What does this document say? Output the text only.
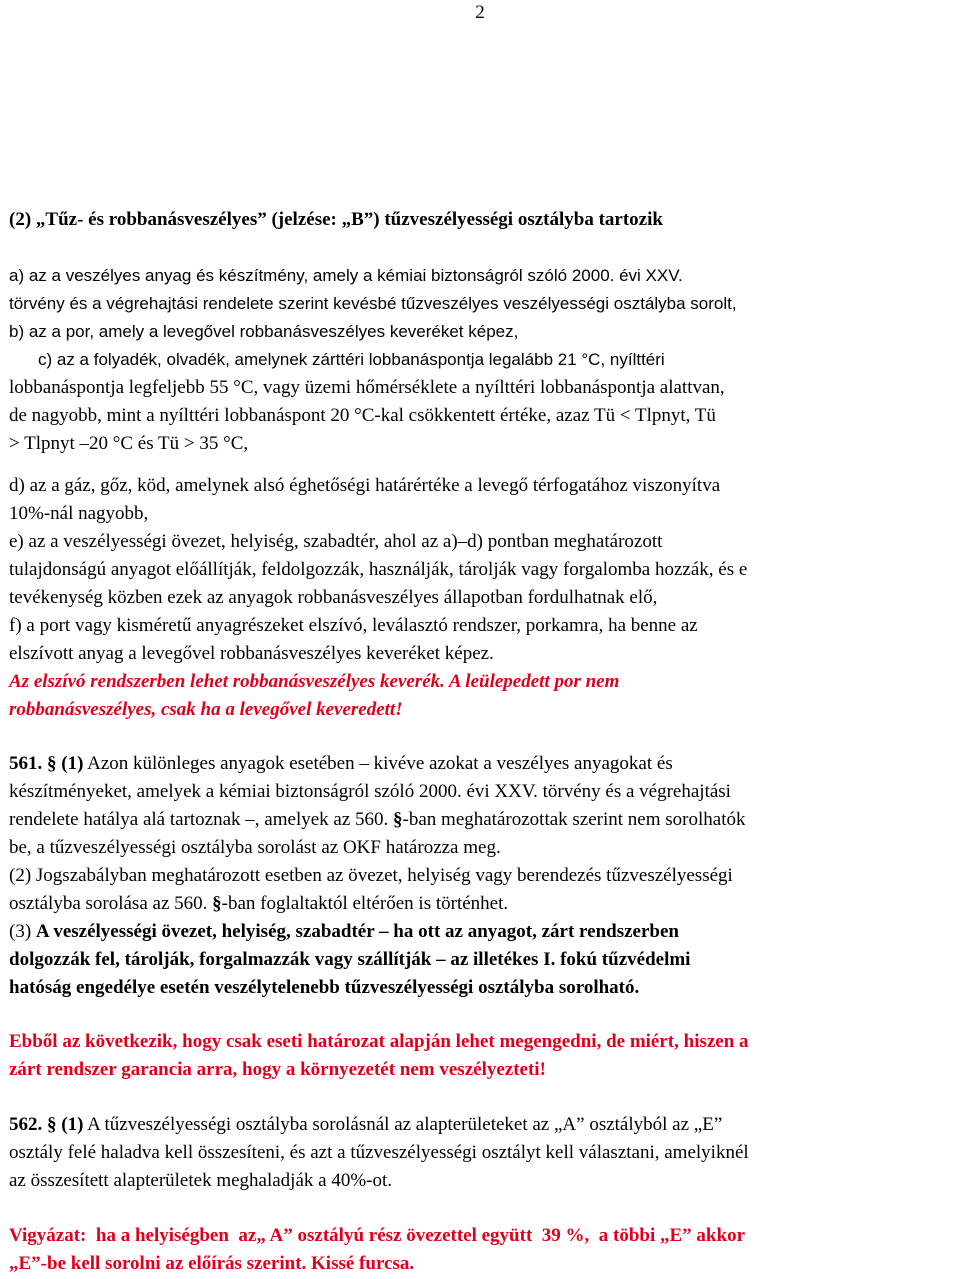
2
(2) „Tűz- és robbanásveszélyes” (jelzése: „B”) tűzveszélyességi osztályba tartozik
a) az a veszélyes anyag és készítmény, amely a kémiai biztonságról szóló 2000. évi XXV.
törvény és a végrehajtási rendelete szerint kevésbé tűzveszélyes veszélyességi osztályba sorolt,
b) az a por, amely a levegővel robbanásveszélyes keveréket képez,
c) az a folyadék, olvadék, amelynek zárttéri lobbanáspontja legalább 21 °C, nyílttéri
lobbanáspontja legfeljebb 55 °C, vagy üzemi hőmérséklete a nyílttéri lobbanáspontja alattvan,
de nagyobb, mint a nyílttéri lobbanáspont 20 °C-kal csökkentett értéke, azaz Tü < Tlpnyt, Tü
> Tlpnyt –20 °C és Tü > 35 °C,
d) az a gáz, gőz, köd, amelynek alsó éghetőségi határértéke a levegő térfogatához viszonyítva
10%-nál nagyobb,
e) az a veszélyességi övezet, helyiség, szabadtér, ahol az a)–d) pontban meghatározott
tulajdonságú anyagot előállítják, feldolgozzák, használják, tárolják vagy forgalomba hozzák, és e
tevékenység közben ezek az anyagok robbanásveszélyes állapotban fordulhatnak elő,
f) a port vagy kisméretű anyagrészeket elszívó, leválasztó rendszer, porkamra, ha benne az
elszívott anyag a levegővel robbanásveszélyes keveréket képez.
Az elszívó rendszerben lehet robbanásveszélyes keverék. A leülepedett por nem
robbanásveszélyes, csak ha a levegővel keveredett!
561. § (1) Azon különleges anyagok esetében – kivéve azokat a veszélyes anyagokat és
készítményeket, amelyek a kémiai biztonságról szóló 2000. évi XXV. törvény és a végrehajtási
rendelete hatálya alá tartoznak –, amelyek az 560. §-ban meghatározottak szerint nem sorolhatók
be, a tűzveszélyességi osztályba sorolást az OKF határozza meg.
(2) Jogszabályban meghatározott esetben az övezet, helyiség vagy berendezés tűzveszélyességi
osztályba sorolása az 560. §-ban foglaltaktól eltérően is történhet.
(3) A veszélyességi övezet, helyiség, szabadtér – ha ott az anyagot, zárt rendszerben
dolgozzák fel, tárolják, forgalmazzák vagy szállítják – az illetékes I. fokú tűzvédelmi
hatóság engedélye esetén veszélytelenebb tűzveszélyességi osztályba sorolható.
Ebből az következik, hogy csak eseti határozat alapján lehet megengedni, de miért, hiszen a
zárt rendszer garancia arra, hogy a környezetét nem veszélyezteti!
562. § (1) A tűzveszélyességi osztályba sorolásnál az alapterületeket az „A” osztályból az „E”
osztály felé haladva kell összesíteni, és azt a tűzveszélyességi osztályt kell választani, amelyiknél
az összesített alapterületek meghaladják a 40%-ot.
Vigyázat:  ha a helyiségben  az„ A” osztályú rész övezettel együtt  39 %,  a többi „E” akkor
„E”-be kell sorolni az előírás szerint. Kissé furcsa.
